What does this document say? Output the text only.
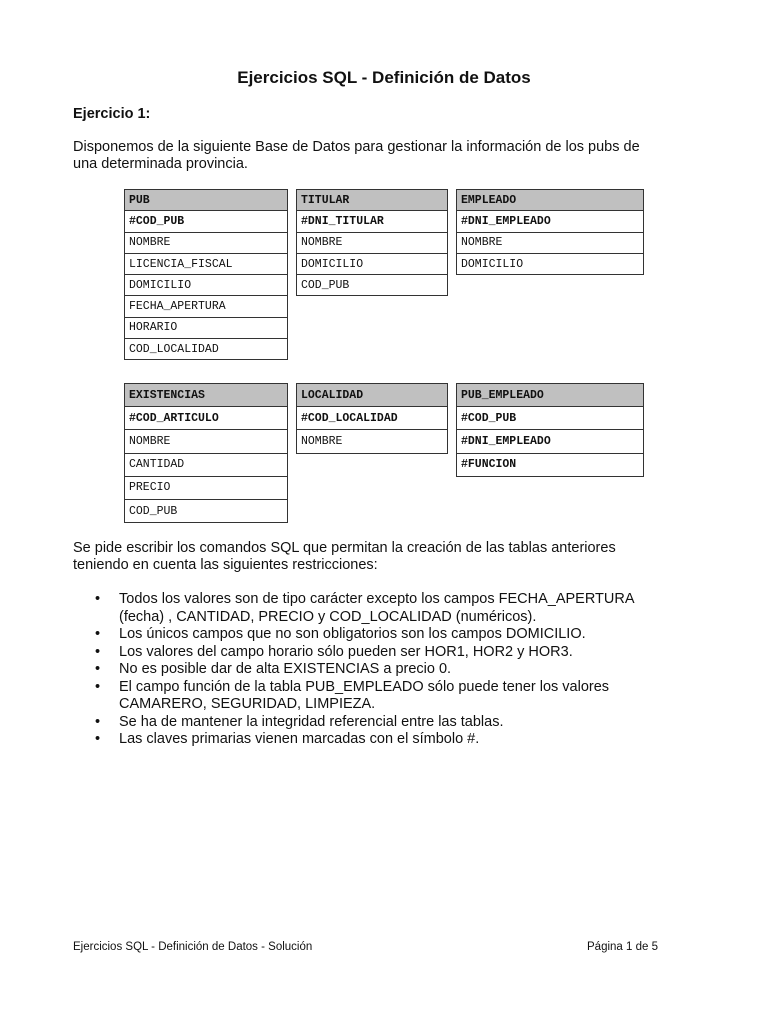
Ejercicios SQL - Definición de Datos
Ejercicio 1:
Disponemos de la siguiente Base de Datos para gestionar la información de los pubs de
una determinada provincia.
PUB
#COD_PUB
NOMBRE
LICENCIA_FISCAL
DOMICILIO
FECHA_APERTURA
HORARIO
COD_LOCALIDAD
TITULAR
#DNI_TITULAR
NOMBRE
DOMICILIO
COD_PUB
EMPLEADO
#DNI_EMPLEADO
NOMBRE
DOMICILIO
EXISTENCIAS
#COD_ARTICULO
NOMBRE
CANTIDAD
PRECIO
COD_PUB
LOCALIDAD
#COD_LOCALIDAD
NOMBRE
PUB_EMPLEADO
#COD_PUB
#DNI_EMPLEADO
#FUNCION
Se pide escribir los comandos SQL que permitan la creación de las tablas anteriores
teniendo en cuenta las siguientes restricciones:
• Todos los valores son de tipo carácter excepto los campos FECHA_APERTURA
(fecha) , CANTIDAD, PRECIO y COD_LOCALIDAD (numéricos).
• Los únicos campos que no son obligatorios son los campos DOMICILIO.
• Los valores del campo horario sólo pueden ser HOR1, HOR2 y HOR3.
• No es posible dar de alta EXISTENCIAS a precio 0.
• El campo función de la tabla PUB_EMPLEADO sólo puede tener los valores
CAMARERO, SEGURIDAD, LIMPIEZA.
• Se ha de mantener la integridad referencial entre las tablas.
• Las claves primarias vienen marcadas con el símbolo #.
Ejercicios SQL - Definición de Datos - Solución	Página 1 de 5
